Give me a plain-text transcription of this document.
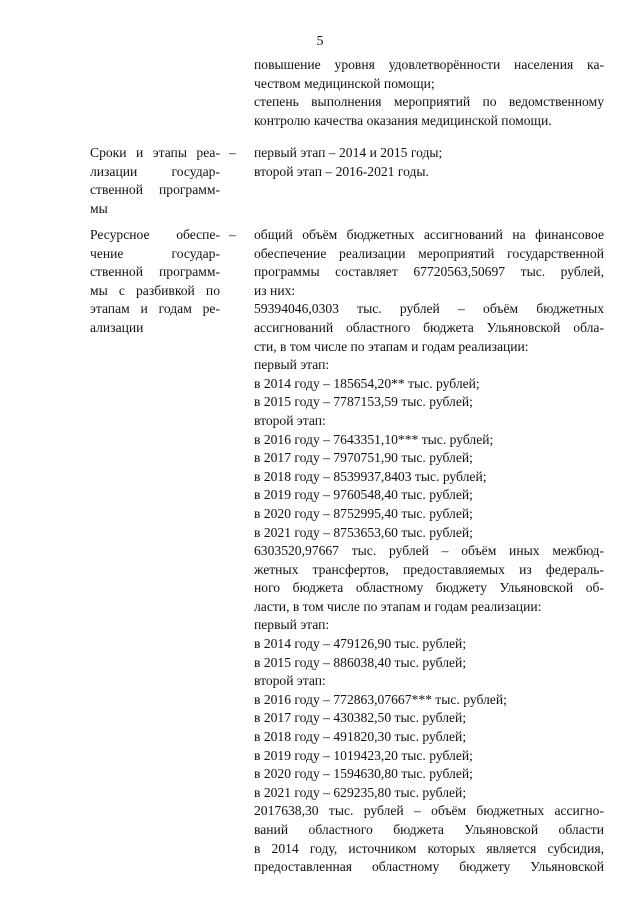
5
повышение уровня удовлетворённости населения ка-
чеством медицинской помощи;
степень выполнения мероприятий по ведомственному
контролю качества оказания медицинской помощи.
Сроки и этапы реа-
лизации государ-
ственной программ-
мы
– первый этап – 2014 и 2015 годы;
второй этап – 2016-2021 годы.
Ресурсное обеспе-
чение государ-
ственной программ-
мы с разбивкой по
этапам и годам ре-
ализации
– общий объём бюджетных ассигнований на финансовое
обеспечение реализации мероприятий государственной
программы составляет 67720563,50697 тыс. рублей,
из них:
59394046,0303 тыс. рублей – объём бюджетных
ассигнований областного бюджета Ульяновской обла-
сти, в том числе по этапам и годам реализации:
первый этап:
в 2014 году – 185654,20** тыс. рублей;
в 2015 году – 7787153,59 тыс. рублей;
второй этап:
в 2016 году – 7643351,10*** тыс. рублей;
в 2017 году – 7970751,90 тыс. рублей;
в 2018 году – 8539937,8403 тыс. рублей;
в 2019 году – 9760548,40 тыс. рублей;
в 2020 году – 8752995,40 тыс. рублей;
в 2021 году – 8753653,60 тыс. рублей;
6303520,97667 тыс. рублей – объём иных межбюд-
жетных трансфертов, предоставляемых из федераль-
ного бюджета областному бюджету Ульяновской об-
ласти, в том числе по этапам и годам реализации:
первый этап:
в 2014 году – 479126,90 тыс. рублей;
в 2015 году – 886038,40 тыс. рублей;
второй этап:
в 2016 году – 772863,07667*** тыс. рублей;
в 2017 году – 430382,50 тыс. рублей;
в 2018 году – 491820,30 тыс. рублей;
в 2019 году – 1019423,20 тыс. рублей;
в 2020 году – 1594630,80 тыс. рублей;
в 2021 году – 629235,80 тыс. рублей;
2017638,30 тыс. рублей – объём бюджетных ассигно-
ваний областного бюджета Ульяновской области
в 2014 году, источником которых является субсидия,
предоставленная областному бюджету Ульяновской
